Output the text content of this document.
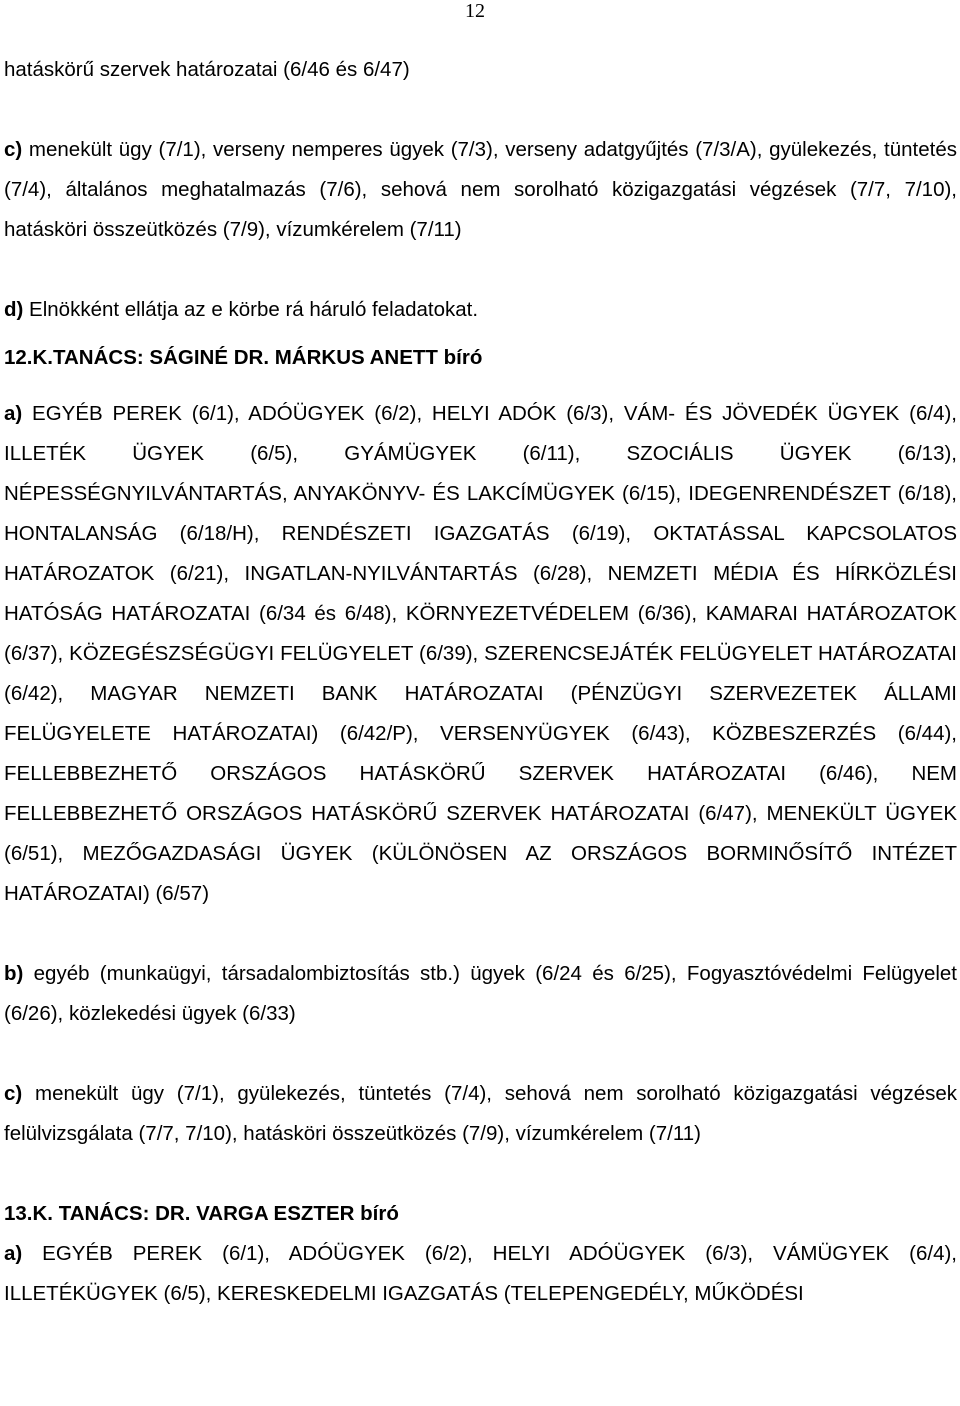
12

hatáskörű szervek határozatai (6/46 és 6/47)

c) menekült ügy (7/1), verseny nemperes ügyek (7/3), verseny adatgyűjtés (7/3/A), gyülekezés, tüntetés (7/4), általános meghatalmazás (7/6), sehová nem sorolható közigazgatási végzések (7/7, 7/10), hatásköri összeütközés (7/9), vízumkérelem (7/11)

d) Elnökként ellátja az e körbe rá háruló feladatokat.

12.K.TANÁCS: SÁGINÉ DR. MÁRKUS ANETT bíró

a) EGYÉB PEREK (6/1), ADÓÜGYEK (6/2), HELYI ADÓK (6/3), VÁM- ÉS JÖVEDÉK ÜGYEK (6/4), ILLETÉK ÜGYEK (6/5), GYÁMÜGYEK (6/11), SZOCIÁLIS ÜGYEK (6/13), NÉPESSÉGNYILVÁNTARTÁS, ANYAKÖNYV- ÉS LAKCÍMÜGYEK (6/15), IDEGENRENDÉSZET (6/18), HONTALANSÁG (6/18/H), RENDÉSZETI IGAZGATÁS (6/19), OKTATÁSSAL KAPCSOLATOS HATÁROZATOK (6/21), INGATLAN-NYILVÁNTARTÁS (6/28), NEMZETI MÉDIA ÉS HÍRKÖZLÉSI HATÓSÁG HATÁROZATAI (6/34 és 6/48), KÖRNYEZETVÉDELEM (6/36), KAMARAI HATÁROZATOK (6/37), KÖZEGÉSZSÉGÜGYI FELÜGYELET (6/39), SZERENCSEJÁTÉK FELÜGYELET HATÁROZATAI (6/42), MAGYAR NEMZETI BANK HATÁROZATAI (PÉNZÜGYI SZERVEZETEK ÁLLAMI FELÜGYELETE HATÁROZATAI) (6/42/P), VERSENYÜGYEK (6/43), KÖZBESZERZÉS (6/44), FELLEBBEZHETŐ ORSZÁGOS HATÁSKÖRŰ SZERVEK HATÁROZATAI (6/46), NEM FELLEBBEZHETŐ ORSZÁGOS HATÁSKÖRŰ SZERVEK HATÁROZATAI (6/47), MENEKÜLT ÜGYEK (6/51), MEZŐGAZDASÁGI ÜGYEK (KÜLÖNÖSEN AZ ORSZÁGOS BORMINŐSÍTŐ INTÉZET HATÁROZATAI) (6/57)

b) egyéb (munkaügyi, társadalombiztosítás stb.) ügyek (6/24 és 6/25), Fogyasztóvédelmi Felügyelet (6/26), közlekedési ügyek (6/33)

c) menekült ügy (7/1), gyülekezés, tüntetés (7/4), sehová nem sorolható közigazgatási végzések felülvizsgálata (7/7, 7/10), hatásköri összeütközés (7/9), vízumkérelem (7/11)

13.K. TANÁCS: DR. VARGA ESZTER bíró

a) EGYÉB PEREK (6/1), ADÓÜGYEK (6/2), HELYI ADÓÜGYEK (6/3), VÁMÜGYEK (6/4), ILLETÉKÜGYEK (6/5), KERESKEDELMI IGAZGATÁS (TELEPENGEDÉLY, MŰKÖDÉSI
